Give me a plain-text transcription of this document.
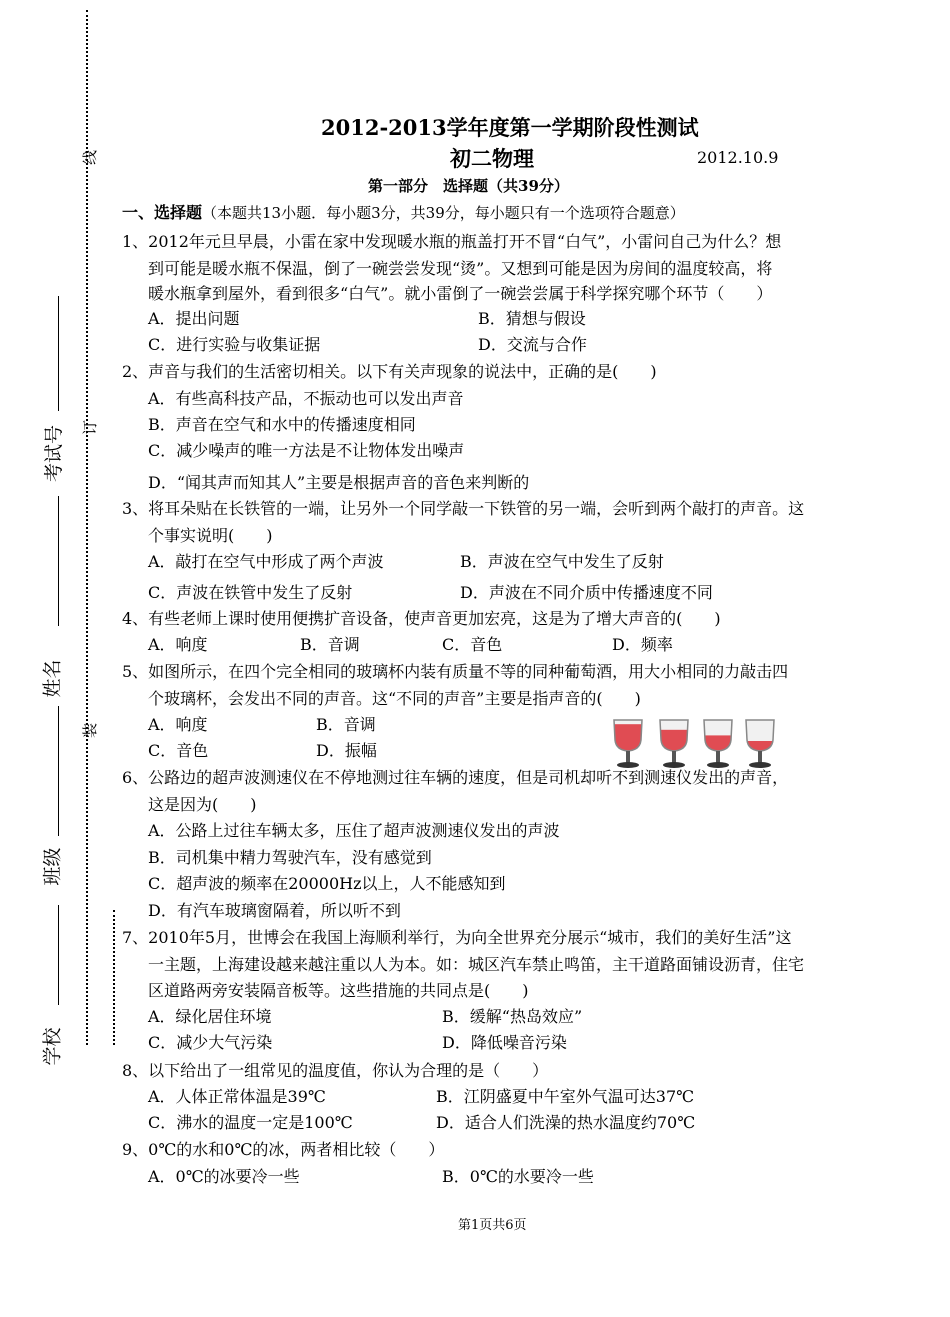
线
订
装
考试号
姓名
班级
学校
2012-2013学年度第一学期阶段性测试
初二物理	2012.10.9
第一部分　选择题（共39分）
一、选择题（本题共13小题．每小题3分，共39分，每小题只有一个选项符合题意）
1、2012年元旦早晨，小雷在家中发现暖水瓶的瓶盖打开不冒“白气”，小雷问自己为什么？想
到可能是暖水瓶不保温，倒了一碗尝尝发现“烫”。又想到可能是因为房间的温度较高，将
暖水瓶拿到屋外，看到很多“白气”。就小雷倒了一碗尝尝属于科学探究哪个环节（　　）
A．提出问题	B．猜想与假设
C．进行实验与收集证据	D．交流与合作
2、声音与我们的生活密切相关。以下有关声现象的说法中，正确的是(　　)
A．有些高科技产品，不振动也可以发出声音
B．声音在空气和水中的传播速度相同
C．减少噪声的唯一方法是不让物体发出噪声
D．“闻其声而知其人”主要是根据声音的音色来判断的
3、将耳朵贴在长铁管的一端，让另外一个同学敲一下铁管的另一端，会听到两个敲打的声音。这
个事实说明(　　)
A．敲打在空气中形成了两个声波	B．声波在空气中发生了反射
C．声波在铁管中发生了反射	D．声波在不同介质中传播速度不同
4、有些老师上课时使用便携扩音设备，使声音更加宏亮，这是为了增大声音的(　　)
A．响度	B．音调	C．音色	D．频率
5、如图所示，在四个完全相同的玻璃杯内装有质量不等的同种葡萄酒，用大小相同的力敲击四
个玻璃杯，会发出不同的声音。这“不同的声音”主要是指声音的(　　)
A．响度	B．音调
C．音色	D．振幅
6、公路边的超声波测速仪在不停地测过往车辆的速度，但是司机却听不到测速仪发出的声音，
这是因为(　　)
A．公路上过往车辆太多，压住了超声波测速仪发出的声波
B．司机集中精力驾驶汽车，没有感觉到
C．超声波的频率在20000Hz以上，人不能感知到
D．有汽车玻璃窗隔着，所以听不到
7、2010年5月，世博会在我国上海顺利举行，为向全世界充分展示“城市，我们的美好生活”这
一主题，上海建设越来越注重以人为本。如：城区汽车禁止鸣笛，主干道路面铺设沥青，住宅
区道路两旁安装隔音板等。这些措施的共同点是(　　)
A．绿化居住环境	B．缓解“热岛效应”
C．减少大气污染	D．降低噪音污染
8、以下给出了一组常见的温度值，你认为合理的是（　　）
A．人体正常体温是39℃	B．江阴盛夏中午室外气温可达37℃
C．沸水的温度一定是100℃	D．适合人们洗澡的热水温度约70℃
9、0℃的水和0℃的冰，两者相比较（　　）
A．0℃的冰要冷一些	B．0℃的水要冷一些
第1页共6页
